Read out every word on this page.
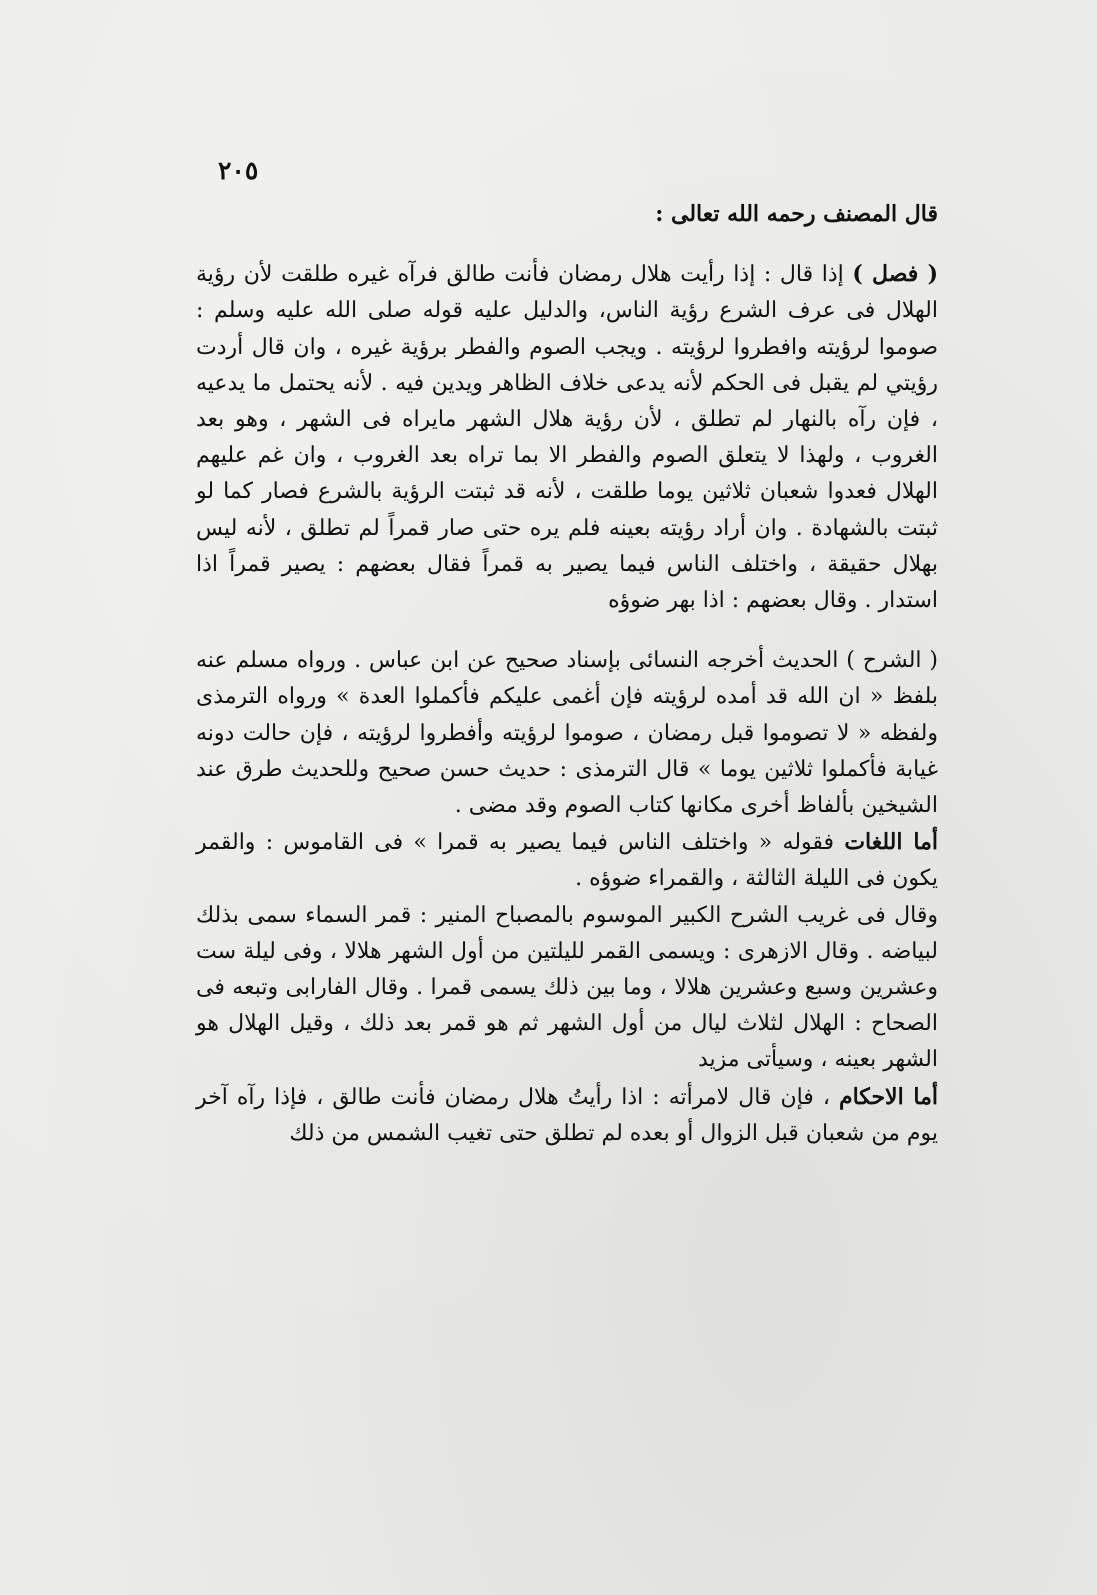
٢٠٥

قال المصنف رحمه الله تعالى :

( فصل ) إذا قال : إذا رأيت هلال رمضان فأنت طالق فرآه غيره طلقت لأن رؤية الهلال فى عرف الشرع رؤية الناس، والدليل عليه قوله صلى الله عليه وسلم : صوموا لرؤيته وافطروا لرؤيته . ويجب الصوم والفطر برؤية غيره ، وان قال أردت رؤيتي لم يقبل فى الحكم لأنه يدعى خلاف الظاهر ويدين فيه . لأنه يحتمل ما يدعيه ، فإن رآه بالنهار لم تطلق ، لأن رؤية هلال الشهر مايراه فى الشهر ، وهو بعد الغروب ، ولهذا لا يتعلق الصوم والفطر الا بما تراه بعد الغروب ، وان غم عليهم الهلال فعدوا شعبان ثلاثين يوما طلقت ، لأنه قد ثبتت الرؤية بالشرع فصار كما لو ثبتت بالشهادة . وان أراد رؤيته بعينه فلم يره حتى صار قمراً لم تطلق ، لأنه ليس بهلال حقيقة ، واختلف الناس فيما يصير به قمراً فقال بعضهم : يصير قمراً اذا استدار . وقال بعضهم : اذا بهر ضوؤه

( الشرح ) الحديث أخرجه النسائى بإسناد صحيح عن ابن عباس . ورواه مسلم عنه بلفظ « ان الله قد أمده لرؤيته فإن أغمى عليكم فأكملوا العدة » ورواه الترمذى ولفظه « لا تصوموا قبل رمضان ، صوموا لرؤيته وأفطروا لرؤيته ، فإن حالت دونه غيابة فأكملوا ثلاثين يوما » قال الترمذى : حديث حسن صحيح وللحديث طرق عند الشيخين بألفاظ أخرى مكانها كتاب الصوم وقد مضى .

أما اللغات فقوله « واختلف الناس فيما يصير به قمرا » فى القاموس : والقمر يكون فى الليلة الثالثة ، والقمراء ضوؤه .

وقال فى غريب الشرح الكبير الموسوم بالمصباح المنير : قمر السماء سمى بذلك لبياضه . وقال الازهرى : ويسمى القمر لليلتين من أول الشهر هلالا ، وفى ليلة ست وعشرين وسبع وعشرين هلالا ، وما بين ذلك يسمى قمرا . وقال الفارابى وتبعه فى الصحاح : الهلال لثلاث ليال من أول الشهر ثم هو قمر بعد ذلك ، وقيل الهلال هو الشهر بعينه ، وسيأتى مزيد

أما الاحكام ، فإن قال لامرأته : اذا رأيتُ هلال رمضان فأنت طالق ، فإذا رآه آخر يوم من شعبان قبل الزوال أو بعده لم تطلق حتى تغيب الشمس من ذلك
